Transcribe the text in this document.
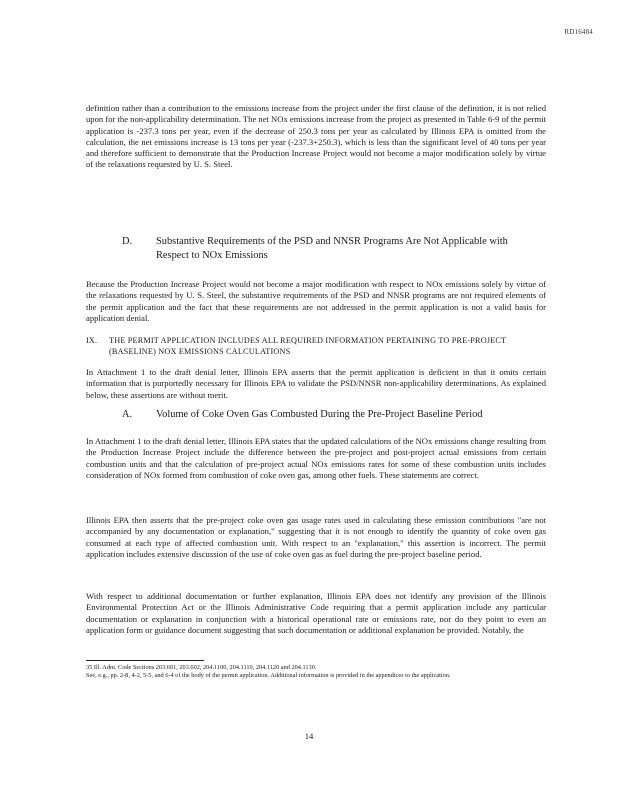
RD16484
definition rather than a contribution to the emissions increase from the project under the first clause of the definition, it is not relied upon for the non-applicability determination. The net NOx emissions increase from the project as presented in Table 6-9 of the permit application is -237.3 tons per year, even if the decrease of 250.3 tons per year as calculated by Illinois EPA is omitted from the calculation, the net emissions increase is 13 tons per year (-237.3+250.3), which is less than the significant level of 40 tons per year and therefore sufficient to demonstrate that the Production Increase Project would not become a major modification solely by virtue of the relaxations requested by U. S. Steel.
D. Substantive Requirements of the PSD and NNSR Programs Are Not Applicable with Respect to NOx Emissions
Because the Production Increase Project would not become a major modification with respect to NOx emissions solely by virtue of the relaxations requested by U. S. Steel, the substantive requirements of the PSD and NNSR programs are not required elements of the permit application and the fact that these requirements are not addressed in the permit application is not a valid basis for application denial.
IX. THE PERMIT APPLICATION INCLUDES ALL REQUIRED INFORMATION PERTAINING TO PRE-PROJECT (BASELINE) NOX EMISSIONS CALCULATIONS
In Attachment 1 to the draft denial letter, Illinois EPA asserts that the permit application is deficient in that it omits certain information that is purportedly necessary for Illinois EPA to validate the PSD/NNSR non-applicability determinations. As explained below, these assertions are without merit.
A. Volume of Coke Oven Gas Combusted During the Pre-Project Baseline Period
In Attachment 1 to the draft denial letter, Illinois EPA states that the updated calculations of the NOx emissions change resulting from the Production Increase Project include the difference between the pre-project and post-project actual emissions from certain combustion units and that the calculation of pre-project actual NOx emissions rates for some of these combustion units includes consideration of NOx formed from combustion of coke oven gas, among other fuels. These statements are correct.
Illinois EPA then asserts that the pre-project coke oven gas usage rates used in calculating these emission contributions "are not accompanied by any documentation or explanation," suggesting that it is not enough to identify the quantity of coke oven gas consumed at each type of affected combustion unit. With respect to an "explanation," this assertion is incorrect. The permit application includes extensive discussion of the use of coke oven gas as fuel during the pre-project baseline period.
With respect to additional documentation or further explanation, Illinois EPA does not identify any provision of the Illinois Environmental Protection Act or the Illinois Administrative Code requiring that a permit application include any particular documentation or explanation in conjunction with a historical operational rate or emissions rate, nor do they point to even an application form or guidance document suggesting that such documentation or additional explanation be provided. Notably, the
35 Ill. Adm. Code Sections 203.601, 203.602, 204.1100, 204.1110, 204.1120 and 204.1130.
See, e.g., pp. 2-8, 4-2, 5-5, and 6-4 of the body of the permit application. Additional information is provided in the appendices to the application.
14
